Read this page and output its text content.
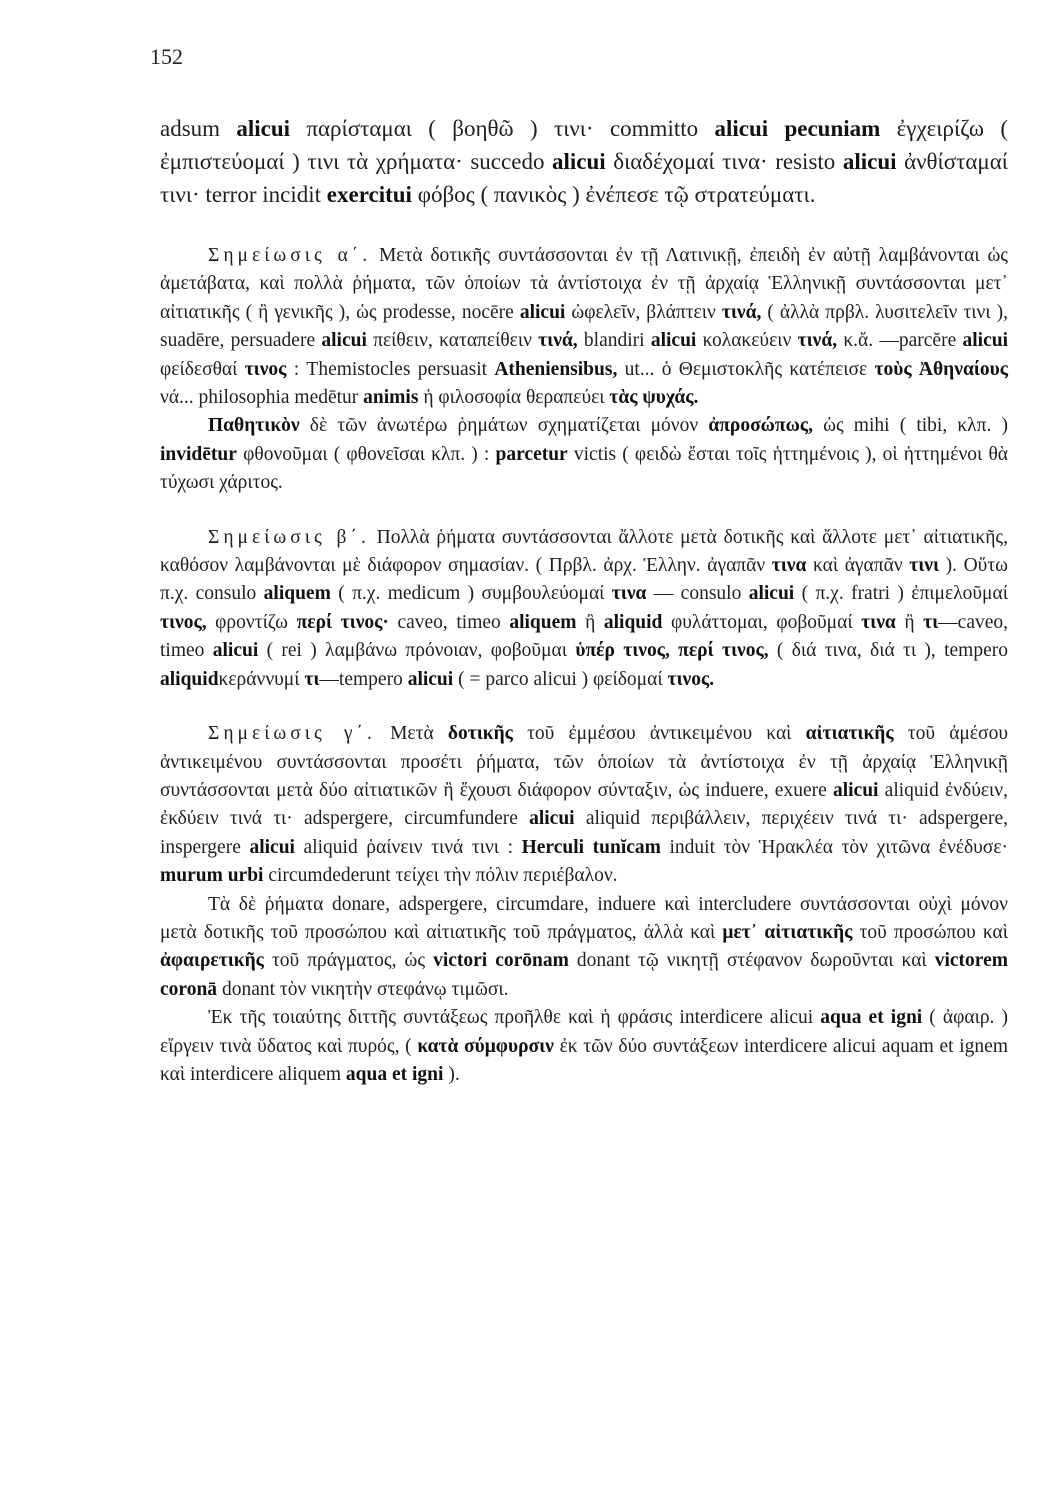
152

adsum alicui παρίσταμαι ( βοηθῶ ) τινι· committo alicui pecuniam ἐγχειρίζω ( ἐμπιστεύομαί ) τινι τὰ χρήματα· succedo alicui διαδέχομαί τινα· resisto alicui ἀνθίσταμαί τινι· terror incidit exercitui φόβος ( πανικὸς ) ἐνέπεσε τῷ στρατεύματι.

Σημείωσις α΄. Μετὰ δοτικῆς συντάσσονται ἐν τῇ Λατινικῇ, ἐπειδὴ ἐν αὐτῇ λαμβάνονται ὡς ἀμετάβατα, καὶ πολλὰ ῥήματα, τῶν ὁποίων τὰ ἀντίστοιχα ἐν τῇ ἀρχαίᾳ Ἑλληνικῇ συντάσσονται μετ᾽ αἰτιατικῆς ( ἢ γενικῆς ), ὡς prodesse, nocēre alicui ὠφελεῖν, βλάπτειν τινά, ( ἀλλὰ πρβλ. λυσιτελεῖν τινι ), suadēre, persuadere alicui πείθειν, καταπείθειν τινά, blandiri alicui κολακεύειν τινά, κ.ἄ. —parcĕre alicui φείδεσθαί τινος : Themistocles persuasit Atheniensibus, ut... ὁ Θεμιστοκλῆς κατέπεισε τοὺς Ἀθηναίους νά... philosophia medētur animis ἡ φιλοσοφία θεραπεύει τὰς ψυχάς.

Παθητικὸν δὲ τῶν ἀνωτέρω ῥημάτων σχηματίζεται μόνον ἀπροσώπως, ὡς mihi ( tibi, κλπ. ) invidētur φθονοῦμαι ( φθονεῖσαι κλπ. ) : parcetur victis ( φειδὼ ἔσται τοῖς ἡττημένοις ), οἱ ἡττημένοι θὰ τύχωσι χάριτος.

Σημείωσις β΄. Πολλὰ ῥήματα συντάσσονται ἄλλοτε μετὰ δοτικῆς καὶ ἄλλοτε μετ᾽ αἰτιατικῆς, καθόσον λαμβάνονται μὲ διάφορον σημασίαν. ( Πρβλ. ἀρχ. Ἑλλην. ἀγαπᾶν τινα καὶ ἀγαπᾶν τινι ). Οὕτω π.χ. consulo aliquem ( π.χ. medicum ) συμβουλεύομαί τινα — consulo alicui ( π.χ. fratri ) ἐπιμελοῦμαί τινος, φροντίζω περί τινος· caveo, timeo aliquem ἢ aliquid φυλάττομαι, φοβοῦμαί τινα ἢ τι—caveo, timeo alicui ( rei ) λαμβάνω πρόνοιαν, φοβοῦμαι ὑπέρ τινος, περί τινος, ( διά τινα, διά τι ), tempero aliquidκεράννυμί τι—tempero alicui ( = parco alicui ) φείδομαί τινος.

Σημείωσις γ΄. Μετὰ δοτικῆς τοῦ ἐμμέσου ἀντικειμένου καὶ αἰτιατικῆς τοῦ ἀμέσου ἀντικειμένου συντάσσονται προσέτι ῥήματα, τῶν ὁποίων τὰ ἀντίστοιχα ἐν τῇ ἀρχαίᾳ Ἑλληνικῇ συντάσσονται μετὰ δύο αἰτιατικῶν ἢ ἔχουσι διάφορον σύνταξιν, ὡς induere, exuere alicui aliquid ἐνδύειν, ἐκδύειν τινά τι· adspergere, circumfundere alicui aliquid περιβάλλειν, περιχέειν τινά τι· adspergere, inspergere alicui aliquid ῥαίνειν τινά τινι : Herculi tunĭcam induit τὸν Ἡρακλέα τὸν χιτῶνα ἐνέδυσε· murum urbi circumdederunt τείχει τὴν πόλιν περιέβαλον.

Τὰ δὲ ῥήματα donare, adspergere, circumdare, induere καὶ intercludere συντάσσονται οὐχὶ μόνον μετὰ δοτικῆς τοῦ προσώπου καὶ αἰτιατικῆς τοῦ πράγματος, ἀλλὰ καὶ μετ᾽ αἰτιατικῆς τοῦ προσώπου καὶ ἀφαιρετικῆς τοῦ πράγματος, ὡς victori corōnam donant τῷ νικητῇ στέφανον δωροῦνται καὶ victorem coronā donant τὸν νικητὴν στεφάνῳ τιμῶσι.

Ἐκ τῆς τοιαύτης διττῆς συντάξεως προῆλθε καὶ ἡ φράσις interdicere alicui aqua et igni ( ἀφαιρ. ) εἴργειν τινὰ ὕδατος καὶ πυρός, ( κατὰ σύμφυρσιν ἐκ τῶν δύο συντάξεων interdicere alicui aquam et ignem καὶ interdicere aliquem aqua et igni ).
